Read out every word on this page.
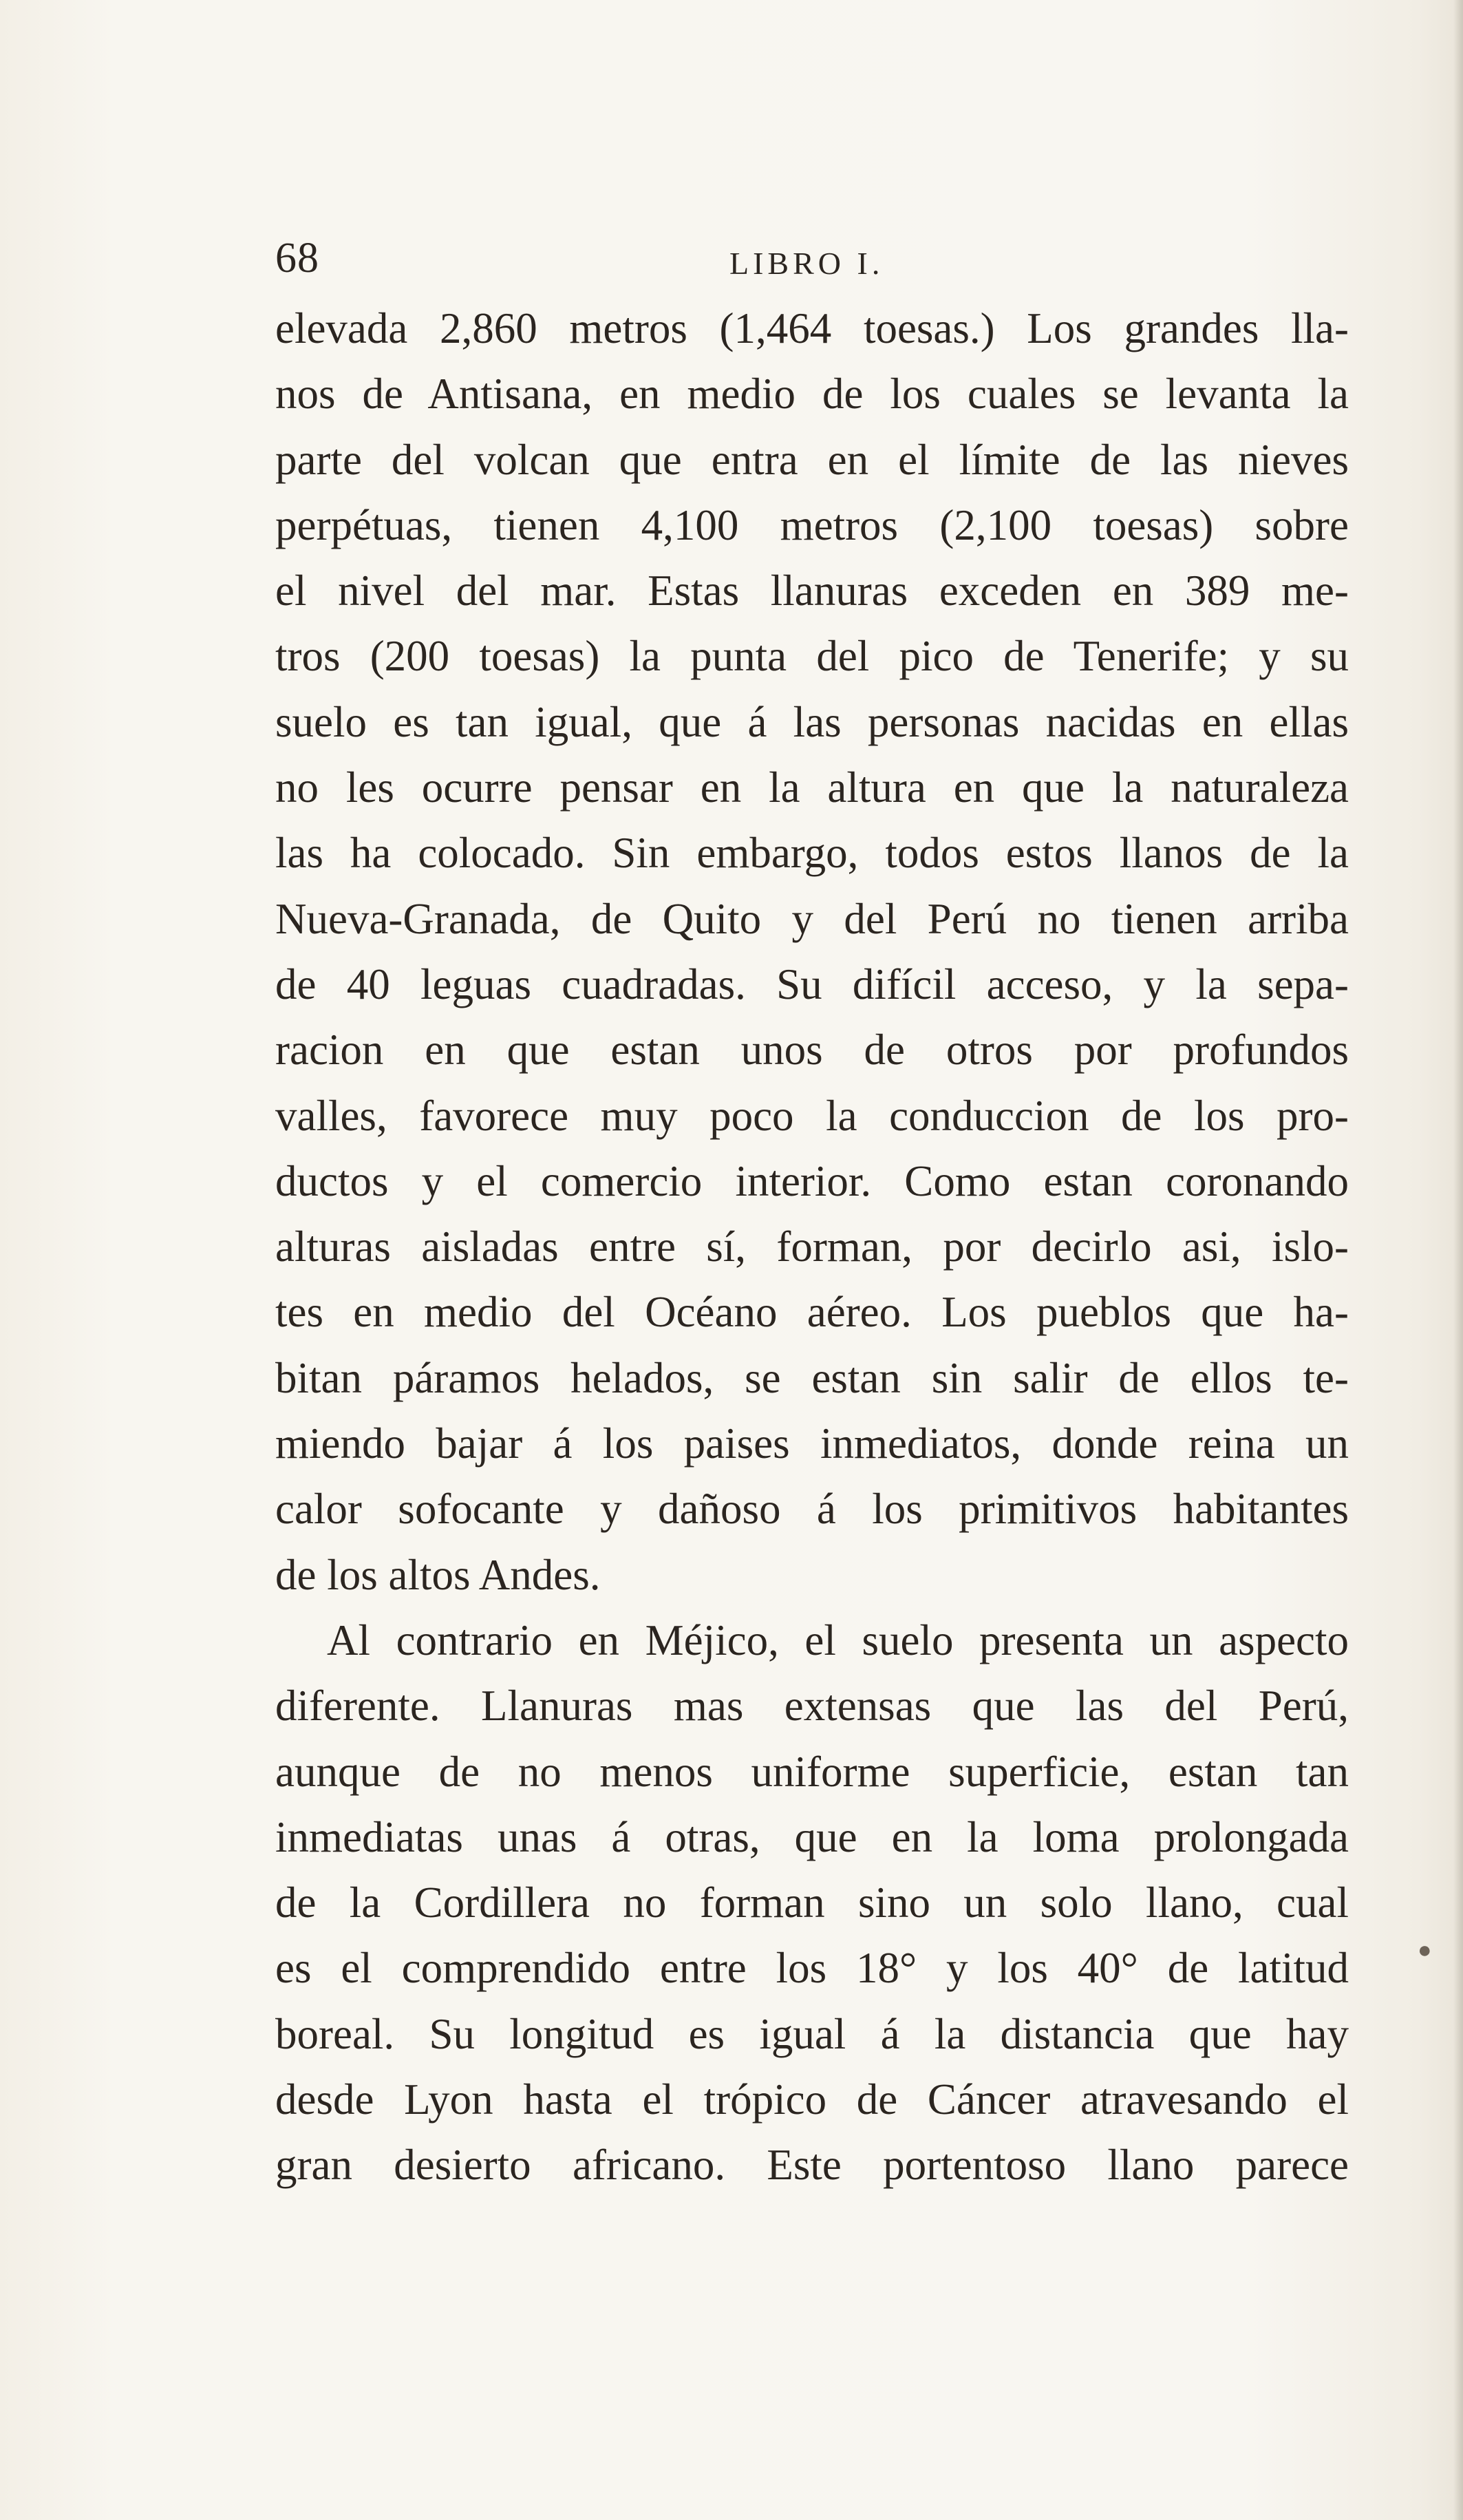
68	LIBRO I.
elevada 2,860 metros (1,464 toesas.) Los grandes lla-
nos de Antisana, en medio de los cuales se levanta la
parte del volcan que entra en el límite de las nieves
perpétuas, tienen 4,100 metros (2,100 toesas) sobre
el nivel del mar. Estas llanuras exceden en 389 me-
tros (200 toesas) la punta del pico de Tenerife; y su
suelo es tan igual, que á las personas nacidas en ellas
no les ocurre pensar en la altura en que la naturaleza
las ha colocado. Sin embargo, todos estos llanos de la
Nueva-Granada, de Quito y del Perú no tienen arriba
de 40 leguas cuadradas. Su difícil acceso, y la sepa-
racion en que estan unos de otros por profundos
valles, favorece muy poco la conduccion de los pro-
ductos y el comercio interior. Como estan coronando
alturas aisladas entre sí, forman, por decirlo asi, islo-
tes en medio del Océano aéreo. Los pueblos que ha-
bitan páramos helados, se estan sin salir de ellos te-
miendo bajar á los paises inmediatos, donde reina un
calor sofocante y dañoso á los primitivos habitantes
de los altos Andes.
Al contrario en Méjico, el suelo presenta un aspecto
diferente. Llanuras mas extensas que las del Perú,
aunque de no menos uniforme superficie, estan tan
inmediatas unas á otras, que en la loma prolongada
de la Cordillera no forman sino un solo llano, cual
es el comprendido entre los 18° y los 40° de latitud
boreal. Su longitud es igual á la distancia que hay
desde Lyon hasta el trópico de Cáncer atravesando el
gran desierto africano. Este portentoso llano parece
●
